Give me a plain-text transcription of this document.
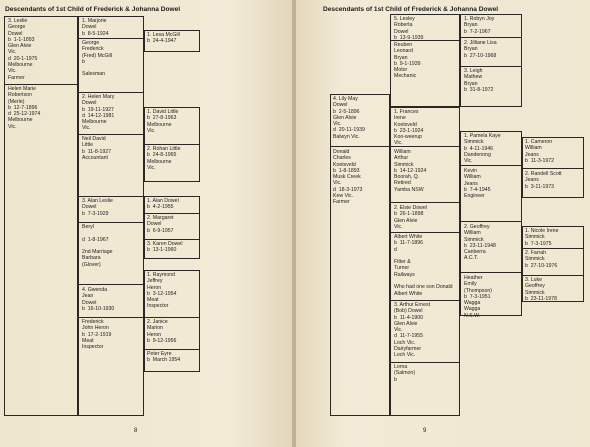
Descendants of 1st Child of Frederick & Johanna Dowel
3. Leslie
George
Dowel
b  1-1-1893
Glen Alvie
Vic.
d  20-1-1975
Melbourne
Vic.
Farmer
Helen Marie
Robertson
(Merle)
b  12-7-1896
d  25-12-1974
Melbourne
Vic.
1. Marjorie
Dowel
b  8-5-1924
George
Frederick
(Fred) McGill
b

Salesman
2. Helen Mary
Dowel
b  19-11-1927
d  14-12-1981
Melbourne
Vic.
Neil David
Little
b  11-8-1927
Accountant
3. Alan Leslie
Dowel
b  7-3-1929
Beryl

d  1-8-1967

2nd Marriage
Barbara
(Glover)
4. Gwenda
Jean
Dowel
b  16-10-1930
Frederick
John Heron
b  17-2-1919
Meat
Inspector
1. Lesa McGill
b  24-4-1947
1. David Little
b  27-8-1963
Melbourne
Vic.
2. Rohan Little
b  24-8-1965
Melbourne
Vic.
1. Alan Dowel
b  4-2-1955
2. Margaret
Dowel
b  6-9-1957
3. Karen Dowel
b  13-1-1960
1. Raymond
Jeffrey
Heron
b  3-12-1954
Meat
Inspector
2. Janice
Marion
Heron
b  9-12-1956
Peter Eyre
b  March 1954
8
Descendants of 1st Child of Frederick & Johanna Dowel
5. Lesley
Roberta
Dowel
b  13-9-1939
Reuben
Leonard
Bryan
b  9-1-1939
Motor
Mechanic
1. Robyn Joy
Bryan
b  7-2-1967
2. Jilliane Lisa
Bryan
b  27-10-1968
3. Leigh
Mathew
Bryan
b  31-8-1972
4. Lily May
Dowel
b  2-5-1896
Glen Alvie
Vic.
d  20-11-1939
Balwyn Vic.
Donald
Charles
Koetsveld
b  1-8-1893
Musk Creek
Vic.
d  18-3-1973
Kew Vic.
Farmer
1. Frances
Irene
Koetsveld
b  23-1-1924
Koo-weerup
Vic.
William
Arthur
Simmick
b  14-12-1924
Boorah, Q.
Retired
Yamba NSW
2. Elsie Dowel
b  26-1-1898
Glen Alvie
Vic.
Albert White
b  11-7-1896
d

Fitter &
Turner
Railways

Who had one son Donald
Albert White
3. Arthur Ernest
(Bob) Dowel
b  11-4-1900
Glen Alvie
Vic.
d  11-7-1955
Loch Vic.
Dairyfarmer
Loch Vic.
Lorna
(Salmon)
b
1. Pamela Kaye
Simmick
b  4-11-1946
Dandenong
Vic.
Kevin
William
Jeans
b  7-4-1945
Engineer
2. Geoffrey
William
Simmick
b  23-11-1948
Canberra
A.C.T.
Heather
Emily
(Thompson)
b  7-3-1951
Wagga
Wagga
N.S.W.
1. Cameron
William
Jeans
b  11-3-1972
2. Randell Scott
Jeans
b  3-11-1973
1. Nicole Irene
Simmick
b  7-3-1975
2. Farrah
Simmick
b  27-10-1976
3. Luke
Geoffrey
Simmick
b  23-11-1978
9
